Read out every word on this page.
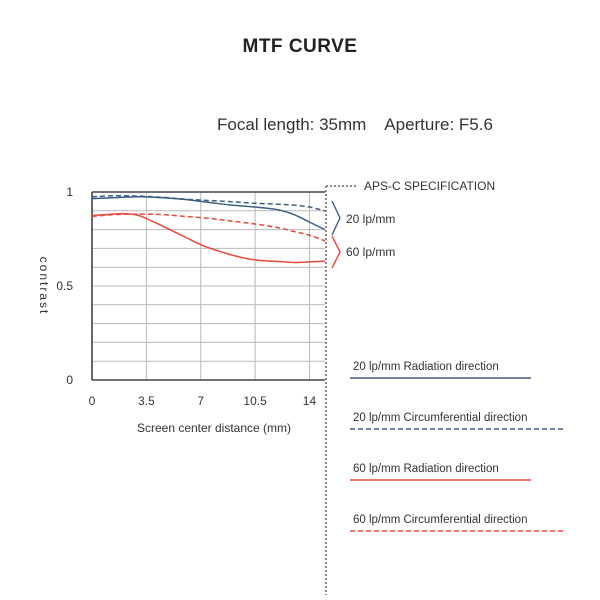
MTF CURVE
Focal length: 35mm    Aperture: F5.6
0	3.5	7	10.5	14
1
0.5
0
Screen center distance (mm)
contrast
APS-C SPECIFICATION
20 lp/mm
60 lp/mm
20 lp/mm Radiation direction
20 lp/mm Circumferential direction
60 lp/mm Radiation direction
60 lp/mm Circumferential direction
